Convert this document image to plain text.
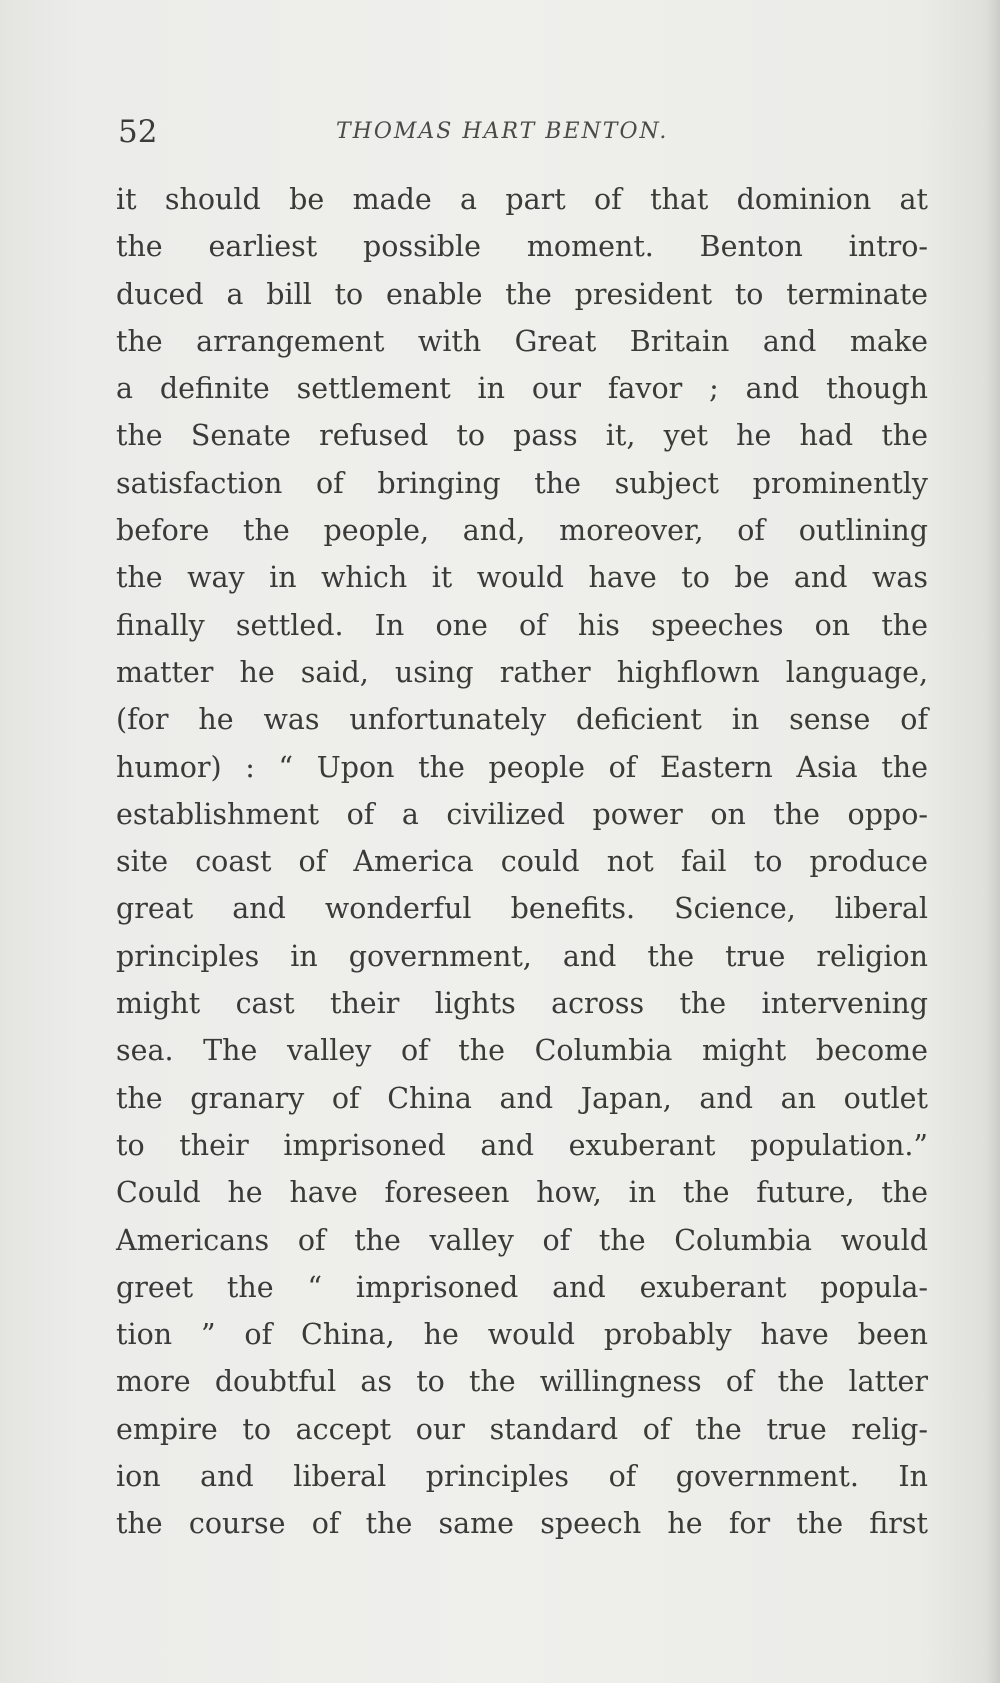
52	THOMAS HART BENTON.
it should be made a part of that dominion at
the earliest possible moment. Benton intro-
duced a bill to enable the president to terminate
the arrangement with Great Britain and make
a definite settlement in our favor ; and though
the Senate refused to pass it, yet he had the
satisfaction of bringing the subject prominently
before the people, and, moreover, of outlining
the way in which it would have to be and was
finally settled. In one of his speeches on the
matter he said, using rather highflown language,
(for he was unfortunately deficient in sense of
humor) : “ Upon the people of Eastern Asia the
establishment of a civilized power on the oppo-
site coast of America could not fail to produce
great and wonderful benefits. Science, liberal
principles in government, and the true religion
might cast their lights across the intervening
sea. The valley of the Columbia might become
the granary of China and Japan, and an outlet
to their imprisoned and exuberant population.”
Could he have foreseen how, in the future, the
Americans of the valley of the Columbia would
greet the “ imprisoned and exuberant popula-
tion ” of China, he would probably have been
more doubtful as to the willingness of the latter
empire to accept our standard of the true relig-
ion and liberal principles of government. In
the course of the same speech he for the first
